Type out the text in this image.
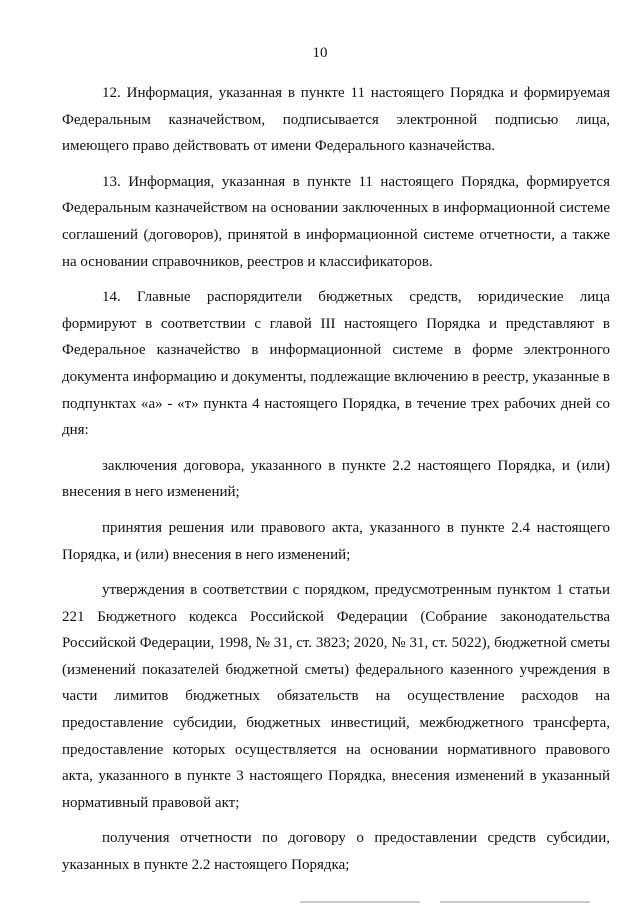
10

12. Информация, указанная в пункте 11 настоящего Порядка и формируемая Федеральным казначейством, подписывается электронной подписью лица, имеющего право действовать от имени Федерального казначейства.

13. Информация, указанная в пункте 11 настоящего Порядка, формируется Федеральным казначейством на основании заключенных в информационной системе соглашений (договоров), принятой в информационной системе отчетности, а также на основании справочников, реестров и классификаторов.

14. Главные распорядители бюджетных средств, юридические лица формируют в соответствии с главой III настоящего Порядка и представляют в Федеральное казначейство в информационной системе в форме электронного документа информацию и документы, подлежащие включению в реестр, указанные в подпунктах «а» - «т» пункта 4 настоящего Порядка, в течение трех рабочих дней со дня:

заключения договора, указанного в пункте 2.2 настоящего Порядка, и (или) внесения в него изменений;

принятия решения или правового акта, указанного в пункте 2.4 настоящего Порядка, и (или) внесения в него изменений;

утверждения в соответствии с порядком, предусмотренным пунктом 1 статьи 221 Бюджетного кодекса Российской Федерации (Собрание законодательства Российской Федерации, 1998, № 31, ст. 3823; 2020, № 31, ст. 5022), бюджетной сметы (изменений показателей бюджетной сметы) федерального казенного учреждения в части лимитов бюджетных обязательств на осуществление расходов на предоставление субсидии, бюджетных инвестиций, межбюджетного трансферта, предоставление которых осуществляется на основании нормативного правового акта, указанного в пункте 3 настоящего Порядка, внесения изменений в указанный нормативный правовой акт;

получения отчетности по договору о предоставлении средств субсидии, указанных в пункте 2.2 настоящего Порядка;
